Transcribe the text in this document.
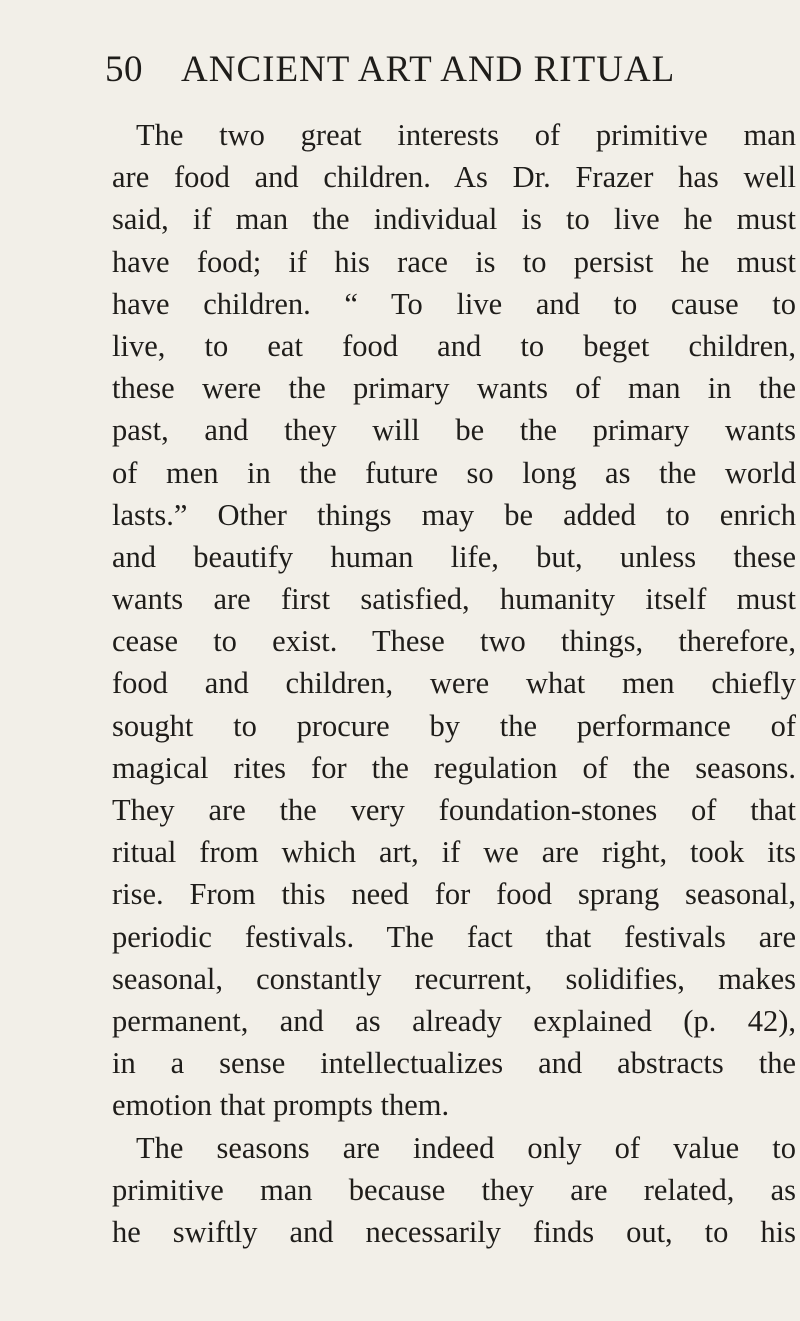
50	ANCIENT ART AND RITUAL
The two great interests of primitive man
are food and children. As Dr. Frazer has well
said, if man the individual is to live he must
have food; if his race is to persist he must
have children. “ To live and to cause to
live, to eat food and to beget children,
these were the primary wants of man in the
past, and they will be the primary wants
of men in the future so long as the world
lasts.” Other things may be added to enrich
and beautify human life, but, unless these
wants are first satisfied, humanity itself must
cease to exist. These two things, therefore,
food and children, were what men chiefly
sought to procure by the performance of
magical rites for the regulation of the seasons.
They are the very foundation-stones of that
ritual from which art, if we are right, took its
rise. From this need for food sprang seasonal,
periodic festivals. The fact that festivals are
seasonal, constantly recurrent, solidifies, makes
permanent, and as already explained (p. 42),
in a sense intellectualizes and abstracts the
emotion that prompts them.
The seasons are indeed only of value to
primitive man because they are related, as
he swiftly and necessarily finds out, to his
